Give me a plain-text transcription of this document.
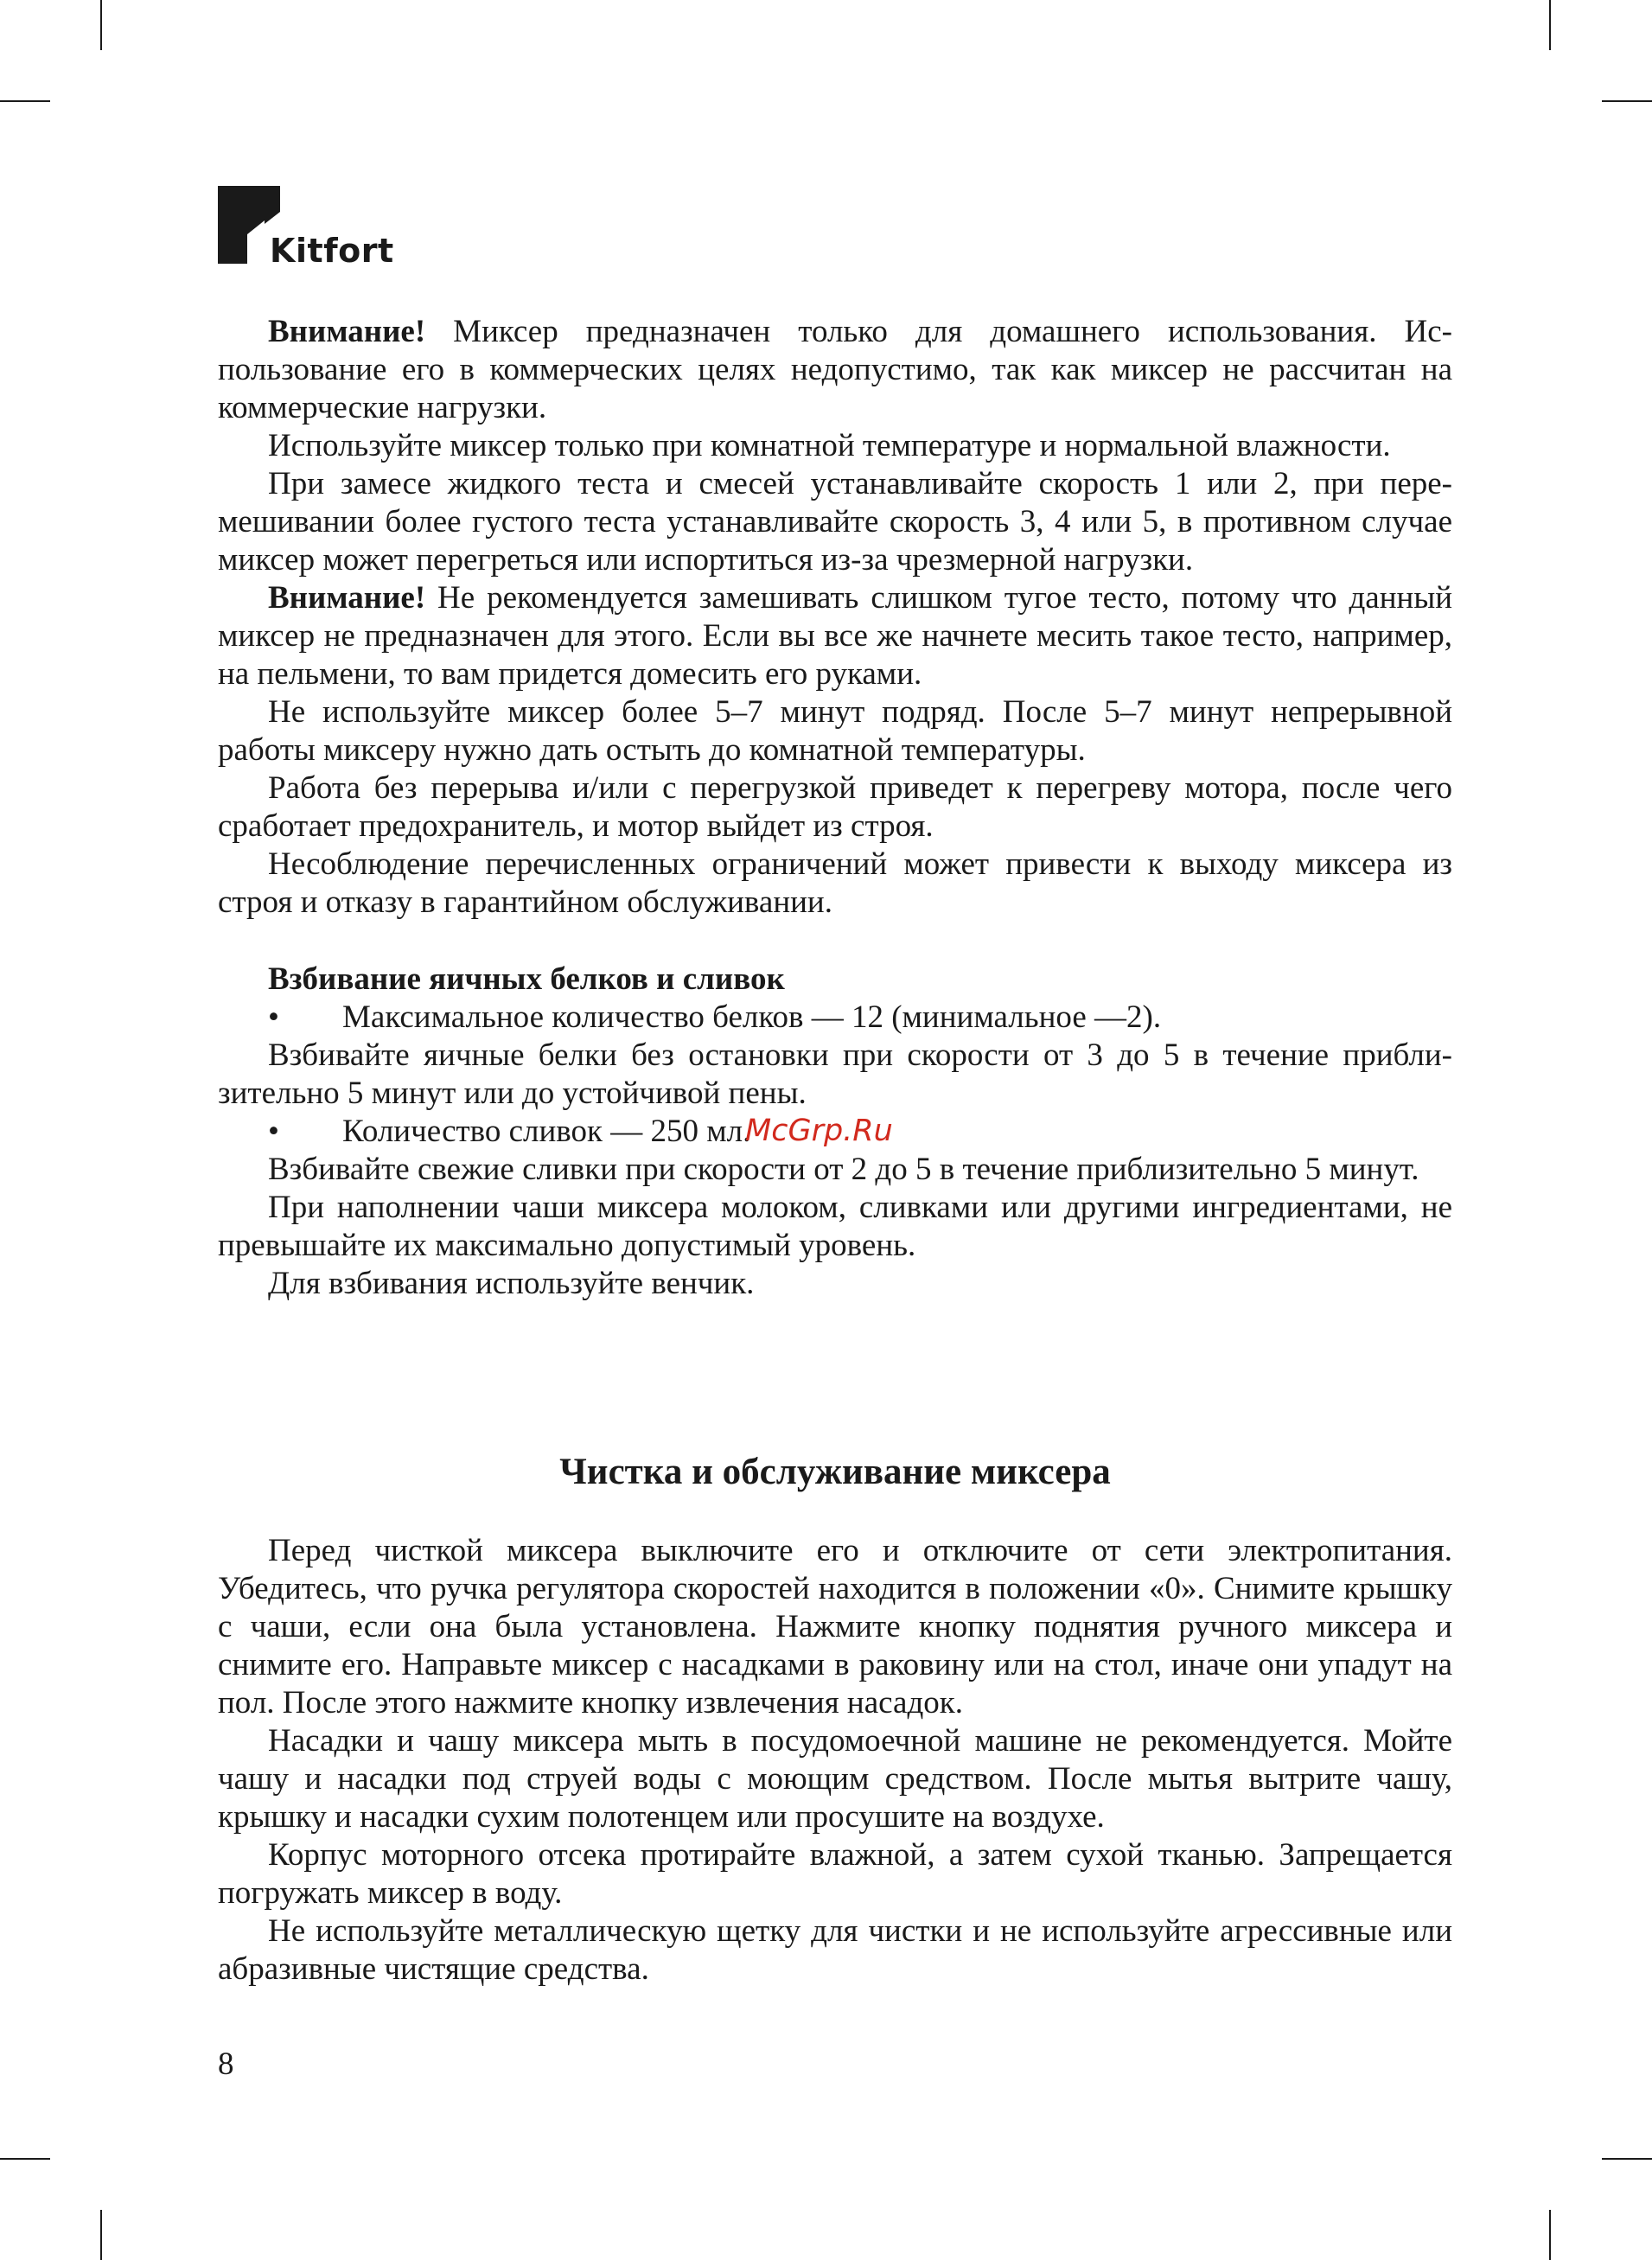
Kitfort

Внимание! Миксер предназначен только для домашнего использования. Использование его в коммерческих целях недопустимо, так как миксер не рассчитан на коммерческие нагрузки.

Используйте миксер только при комнатной температуре и нормальной влажности.

При замесе жидкого теста и смесей устанавливайте скорость 1 или 2, при перемешивании более густого теста устанавливайте скорость 3, 4 или 5, в противном случае миксер может перегреться или испортиться из-за чрезмерной нагрузки.

Внимание! Не рекомендуется замешивать слишком тугое тесто, потому что данный миксер не предназначен для этого. Если вы все же начнете месить такое тесто, например, на пельмени, то вам придется домесить его руками.

Не используйте миксер более 5–7 минут подряд. После 5–7 минут непрерывной работы миксеру нужно дать остыть до комнатной температуры.

Работа без перерыва и/или с перегрузкой приведет к перегреву мотора, после чего сработает предохранитель, и мотор выйдет из строя.

Несоблюдение перечисленных ограничений может привести к выходу миксера из строя и отказу в гарантийном обслуживании.

Взбивание яичных белков и сливок

• Максимальное количество белков — 12 (минимальное —2).

Взбивайте яичные белки без остановки при скорости от 3 до 5 в течение приблизительно 5 минут или до устойчивой пены.

• Количество сливок — 250 мл.

Взбивайте свежие сливки при скорости от 2 до 5 в течение приблизительно 5 минут.

При наполнении чаши миксера молоком, сливками или другими ингредиентами, не превышайте их максимально допустимый уровень.

Для взбивания используйте венчик.

McGrp.Ru
Чистка и обслуживание миксера

Перед чисткой миксера выключите его и отключите от сети электропитания. Убедитесь, что ручка регулятора скоростей находится в положении «0». Снимите крышку с чаши, если она была установлена. Нажмите кнопку поднятия ручного миксера и снимите его. Направьте миксер с насадками в раковину или на стол, иначе они упадут на пол. После этого нажмите кнопку извлечения насадок.

Насадки и чашу миксера мыть в посудомоечной машине не рекомендуется. Мойте чашу и насадки под струей воды с моющим средством. После мытья вытрите чашу, крышку и насадки сухим полотенцем или просушите на воздухе.

Корпус моторного отсека протирайте влажной, а затем сухой тканью. Запрещается погружать миксер в воду.

Не используйте металлическую щетку для чистки и не используйте агрессивные или абразивные чистящие средства.

8
